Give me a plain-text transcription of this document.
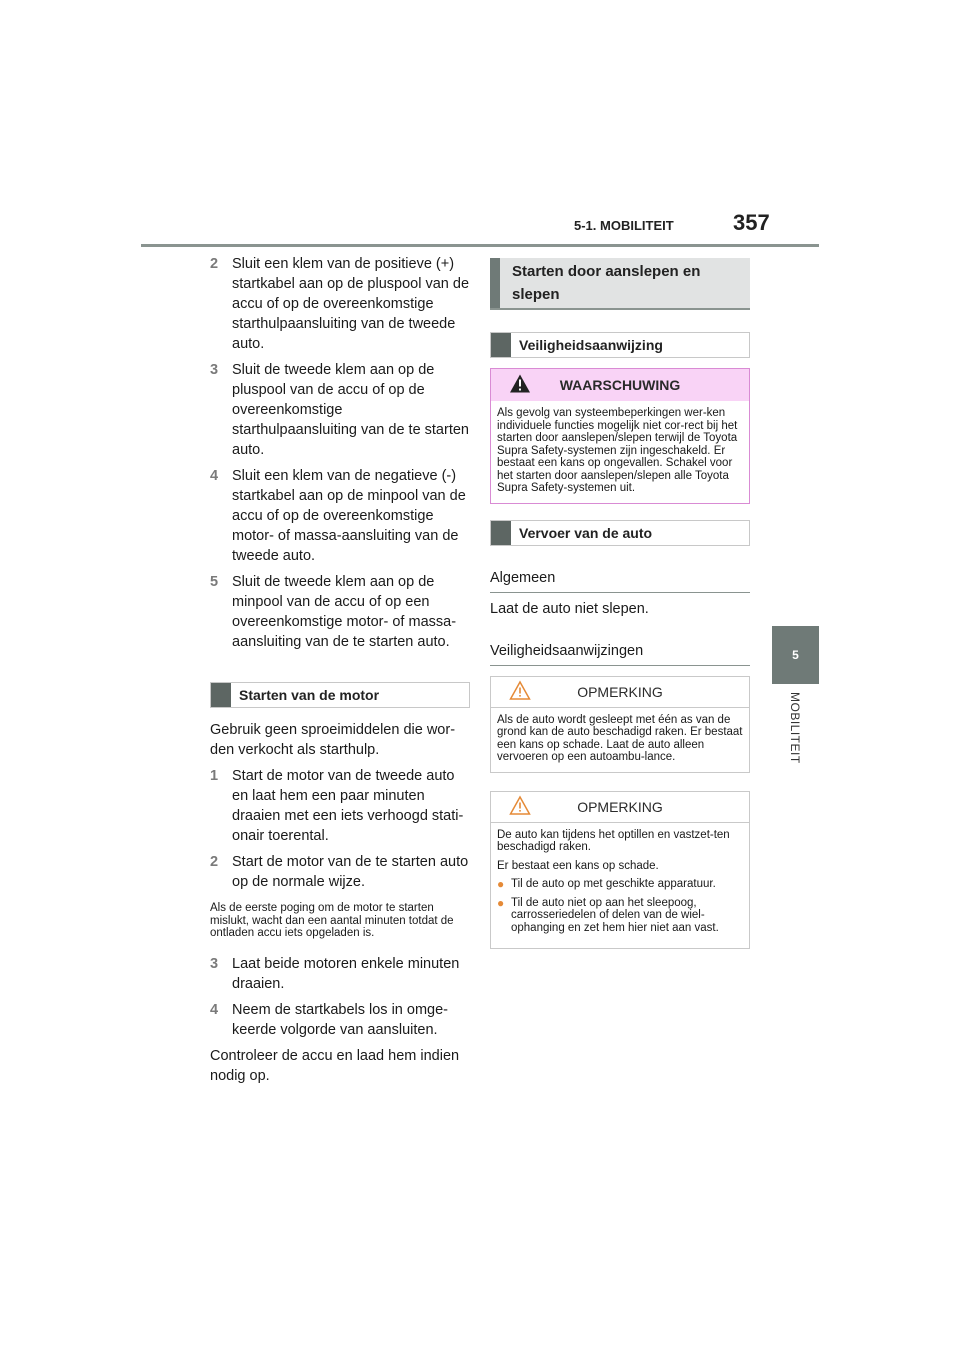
5-1. MOBILITEIT	357
5
MOBILITEIT
2 Sluit een klem van de positieve (+) startkabel aan op de pluspool van de accu of op de overeenkomstige starthulpaansluiting van de tweede auto.
3 Sluit de tweede klem aan op de pluspool van de accu of op de overeenkomstige starthulpaansluiting van de te starten auto.
4 Sluit een klem van de negatieve (-) startkabel aan op de minpool van de accu of op de overeenkomstige motor- of massa-aansluiting van de tweede auto.
5 Sluit de tweede klem aan op de minpool van de accu of op een overeenkomstige motor- of massa-aansluiting van de te starten auto.
Starten van de motor
Gebruik geen sproeimiddelen die wor-den verkocht als starthulp.
1 Start de motor van de tweede auto en laat hem een paar minuten draaien met een iets verhoogd stati-onair toerental.
2 Start de motor van de te starten auto op de normale wijze.
Als de eerste poging om de motor te starten mislukt, wacht dan een aantal minuten totdat de ontladen accu iets opgeladen is.
3 Laat beide motoren enkele minuten draaien.
4 Neem de startkabels los in omge-keerde volgorde van aansluiten.
Controleer de accu en laad hem indien nodig op.
Starten door aanslepen en slepen
Veiligheidsaanwijzing
WAARSCHUWING
Als gevolg van systeembeperkingen wer-ken individuele functies mogelijk niet cor-rect bij het starten door aanslepen/slepen terwijl de Toyota Supra Safety-systemen zijn ingeschakeld. Er bestaat een kans op ongevallen. Schakel voor het starten door aanslepen/slepen alle Toyota Supra Safety-systemen uit.
Vervoer van de auto
Algemeen
Laat de auto niet slepen.
Veiligheidsaanwijzingen
OPMERKING
Als de auto wordt gesleept met één as van de grond kan de auto beschadigd raken. Er bestaat een kans op schade. Laat de auto alleen vervoeren op een autoambu-lance.
OPMERKING

De auto kan tijdens het optillen en vastzet-ten beschadigd raken.

Er bestaat een kans op schade.

● Til de auto op met geschikte apparatuur.
● Til de auto niet op aan het sleepoog, carrosseriedelen of delen van de wiel-ophanging en zet hem hier niet aan vast.
